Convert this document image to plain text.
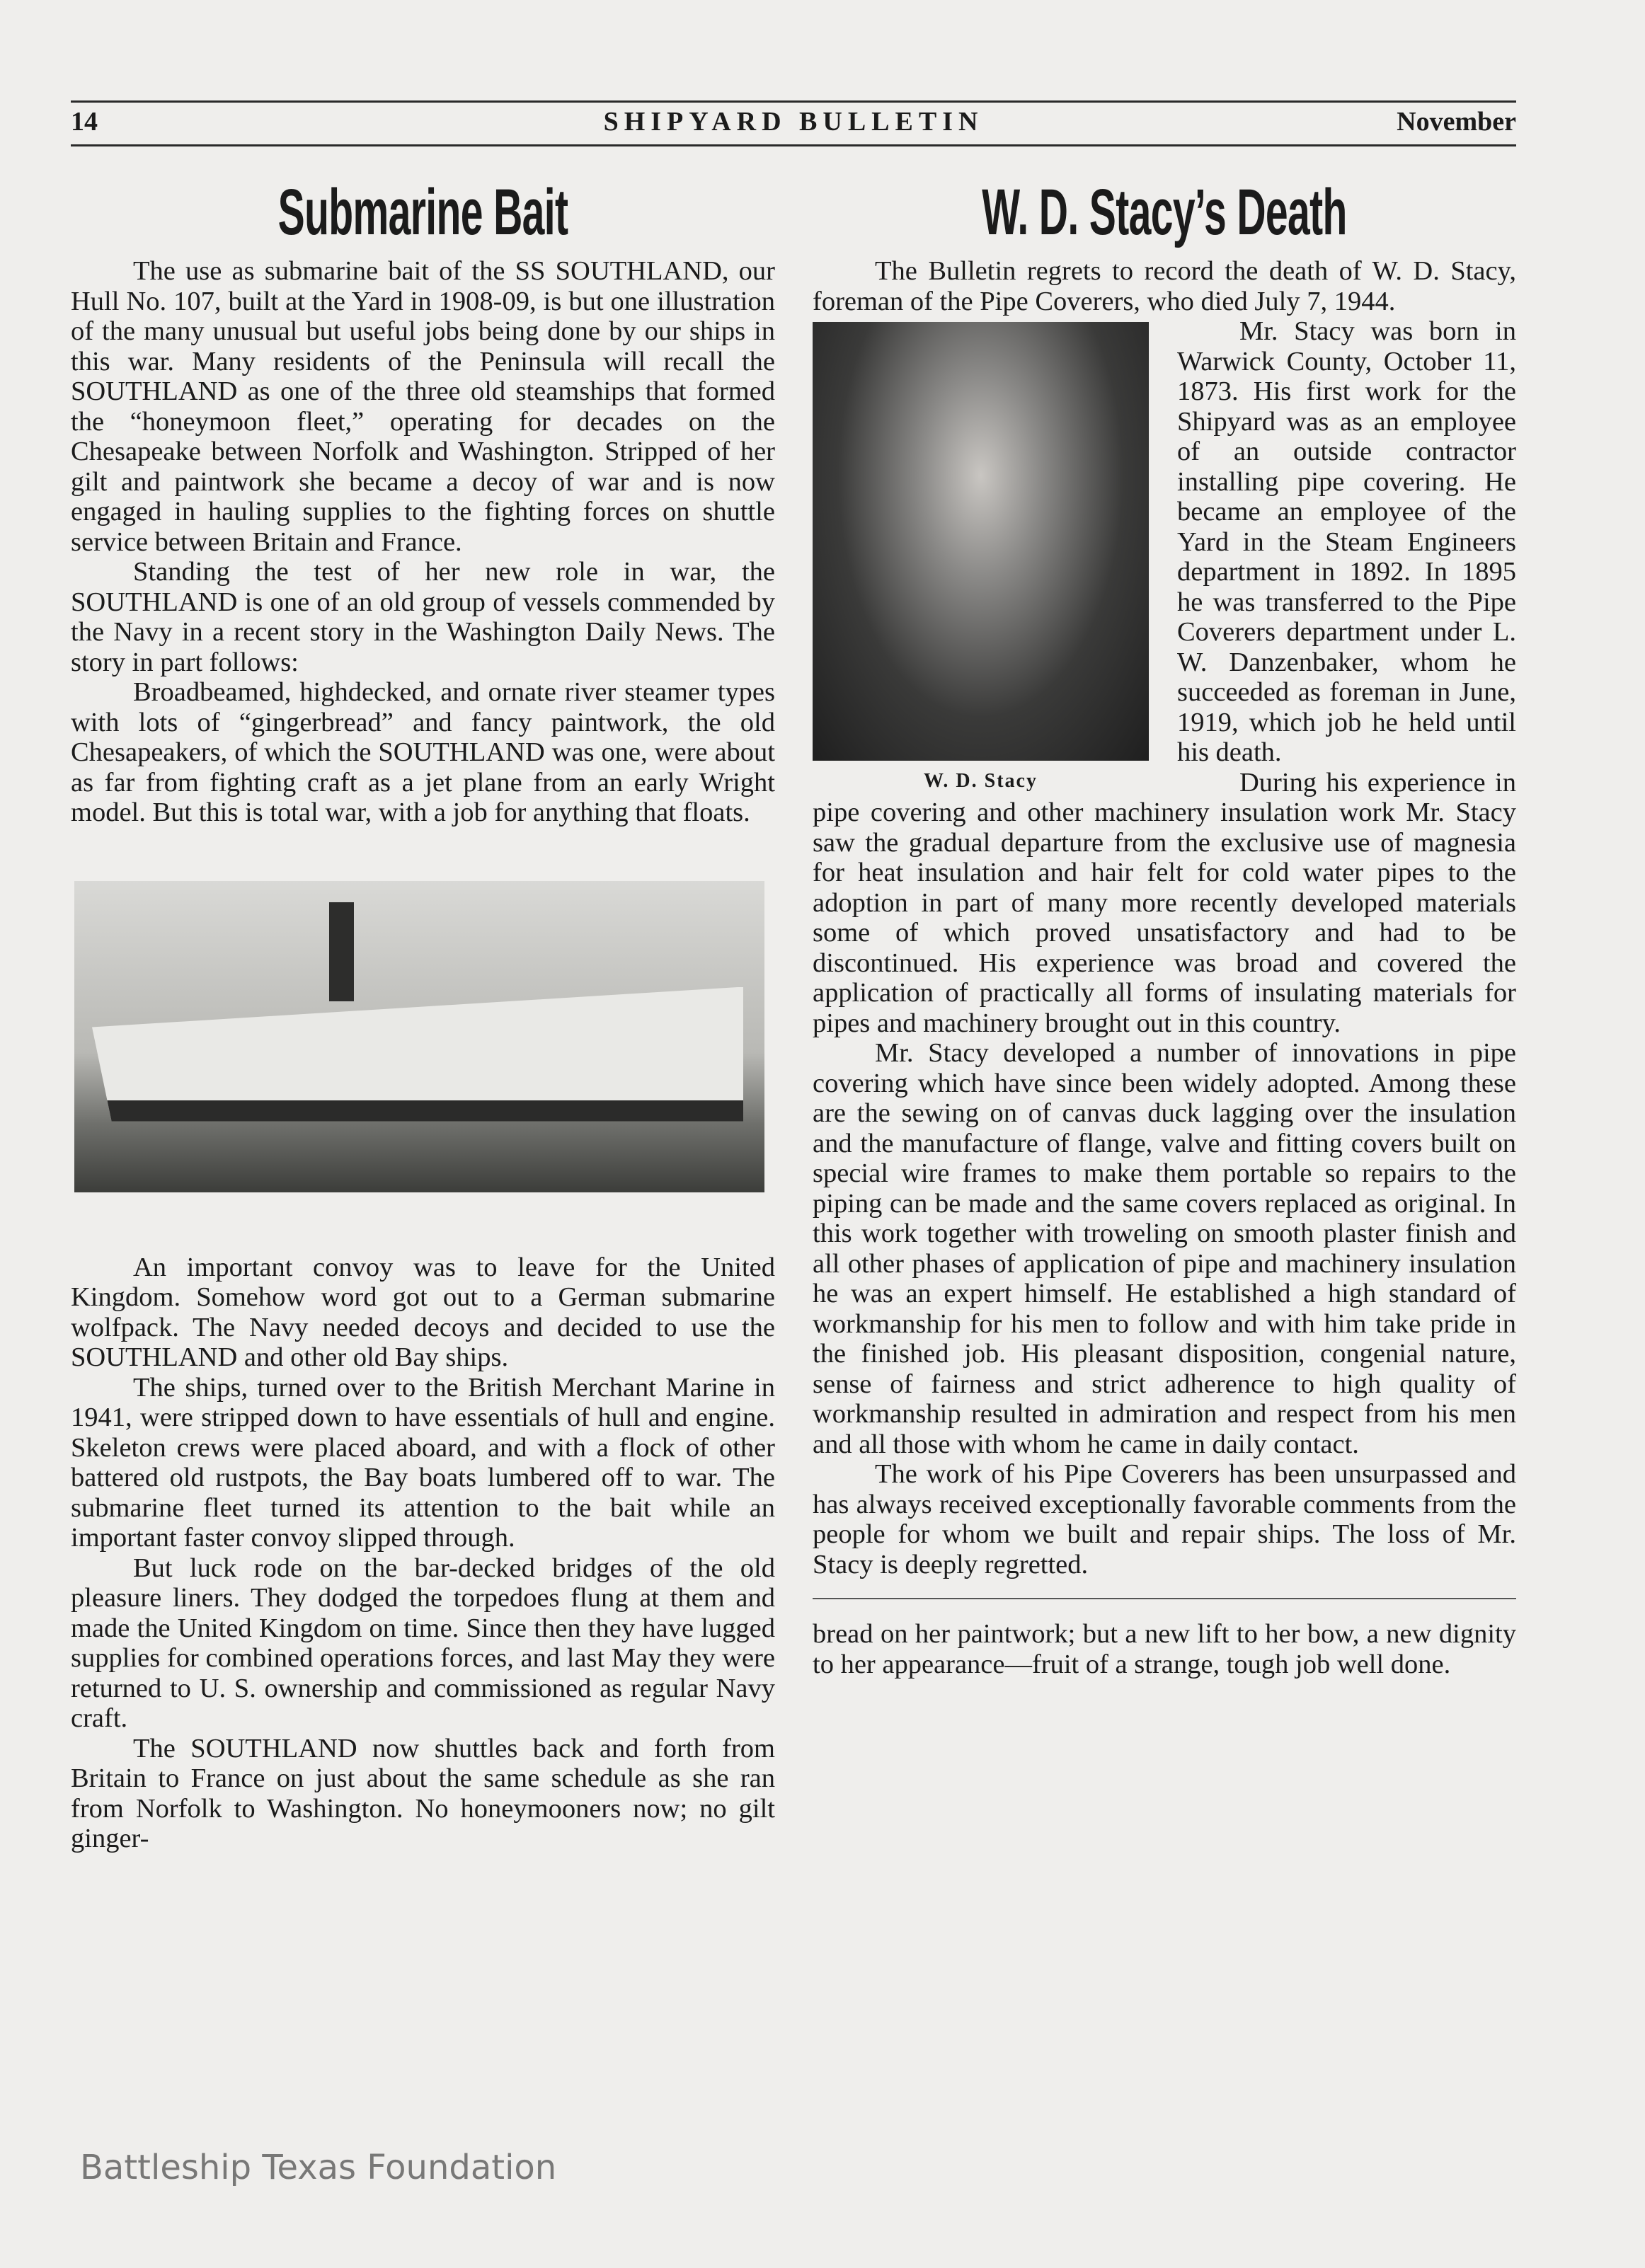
14	SHIPYARD BULLETIN	November
Submarine Bait

The use as submarine bait of the SS SOUTHLAND, our Hull No. 107, built at the Yard in 1908-09, is but one illustration of the many unusual but useful jobs being done by our ships in this war. Many residents of the Peninsula will recall the SOUTHLAND as one of the three old steamships that formed the “honeymoon fleet,” operating for decades on the Chesapeake between Norfolk and Washington. Stripped of her gilt and paintwork she became a decoy of war and is now engaged in hauling supplies to the fighting forces on shuttle service between Britain and France.

Standing the test of her new role in war, the SOUTHLAND is one of an old group of vessels commended by the Navy in a recent story in the Washington Daily News. The story in part follows:

Broadbeamed, highdecked, and ornate river steamer types with lots of “gingerbread” and fancy paintwork, the old Chesapeakers, of which the SOUTHLAND was one, were about as far from fighting craft as a jet plane from an early Wright model. But this is total war, with a job for anything that floats.

An important convoy was to leave for the United Kingdom. Somehow word got out to a German submarine wolfpack. The Navy needed decoys and decided to use the SOUTHLAND and other old Bay ships.

The ships, turned over to the British Merchant Marine in 1941, were stripped down to have essentials of hull and engine. Skeleton crews were placed aboard, and with a flock of other battered old rustpots, the Bay boats lumbered off to war. The submarine fleet turned its attention to the bait while an important faster convoy slipped through.

But luck rode on the bar-decked bridges of the old pleasure liners. They dodged the torpedoes flung at them and made the United Kingdom on time. Since then they have lugged supplies for combined operations forces, and last May they were returned to U. S. ownership and commissioned as regular Navy craft.

The SOUTHLAND now shuttles back and forth from Britain to France on just about the same schedule as she ran from Norfolk to Washington. No honeymooners now; no gilt ginger-

W. D. Stacy’s Death

The Bulletin regrets to record the death of W. D. Stacy, foreman of the Pipe Coverers, who died July 7, 1944.

W. D. Stacy

Mr. Stacy was born in Warwick County, October 11, 1873. His first work for the Shipyard was as an employee of an outside contractor installing pipe covering. He became an employee of the Yard in the Steam Engineers department in 1892. In 1895 he was transferred to the Pipe Coverers department under L. W. Danzenbaker, whom he succeeded as foreman in June, 1919, which job he held until his death.

During his experience in pipe covering and other machinery insulation work Mr. Stacy saw the gradual departure from the exclusive use of magnesia for heat insulation and hair felt for cold water pipes to the adoption in part of many more recently developed materials some of which proved unsatisfactory and had to be discontinued. His experience was broad and covered the application of practically all forms of insulating materials for pipes and machinery brought out in this country.

Mr. Stacy developed a number of innovations in pipe covering which have since been widely adopted. Among these are the sewing on of canvas duck lagging over the insulation and the manufacture of flange, valve and fitting covers built on special wire frames to make them portable so repairs to the piping can be made and the same covers replaced as original. In this work together with troweling on smooth plaster finish and all other phases of application of pipe and machinery insulation he was an expert himself. He established a high standard of workmanship for his men to follow and with him take pride in the finished job. His pleasant disposition, congenial nature, sense of fairness and strict adherence to high quality of workmanship resulted in admiration and respect from his men and all those with whom he came in daily contact.

The work of his Pipe Coverers has been unsurpassed and has always received exceptionally favorable comments from the people for whom we built and repair ships. The loss of Mr. Stacy is deeply regretted.

bread on her paintwork; but a new lift to her bow, a new dignity to her appearance—fruit of a strange, tough job well done.

Battleship Texas Foundation
